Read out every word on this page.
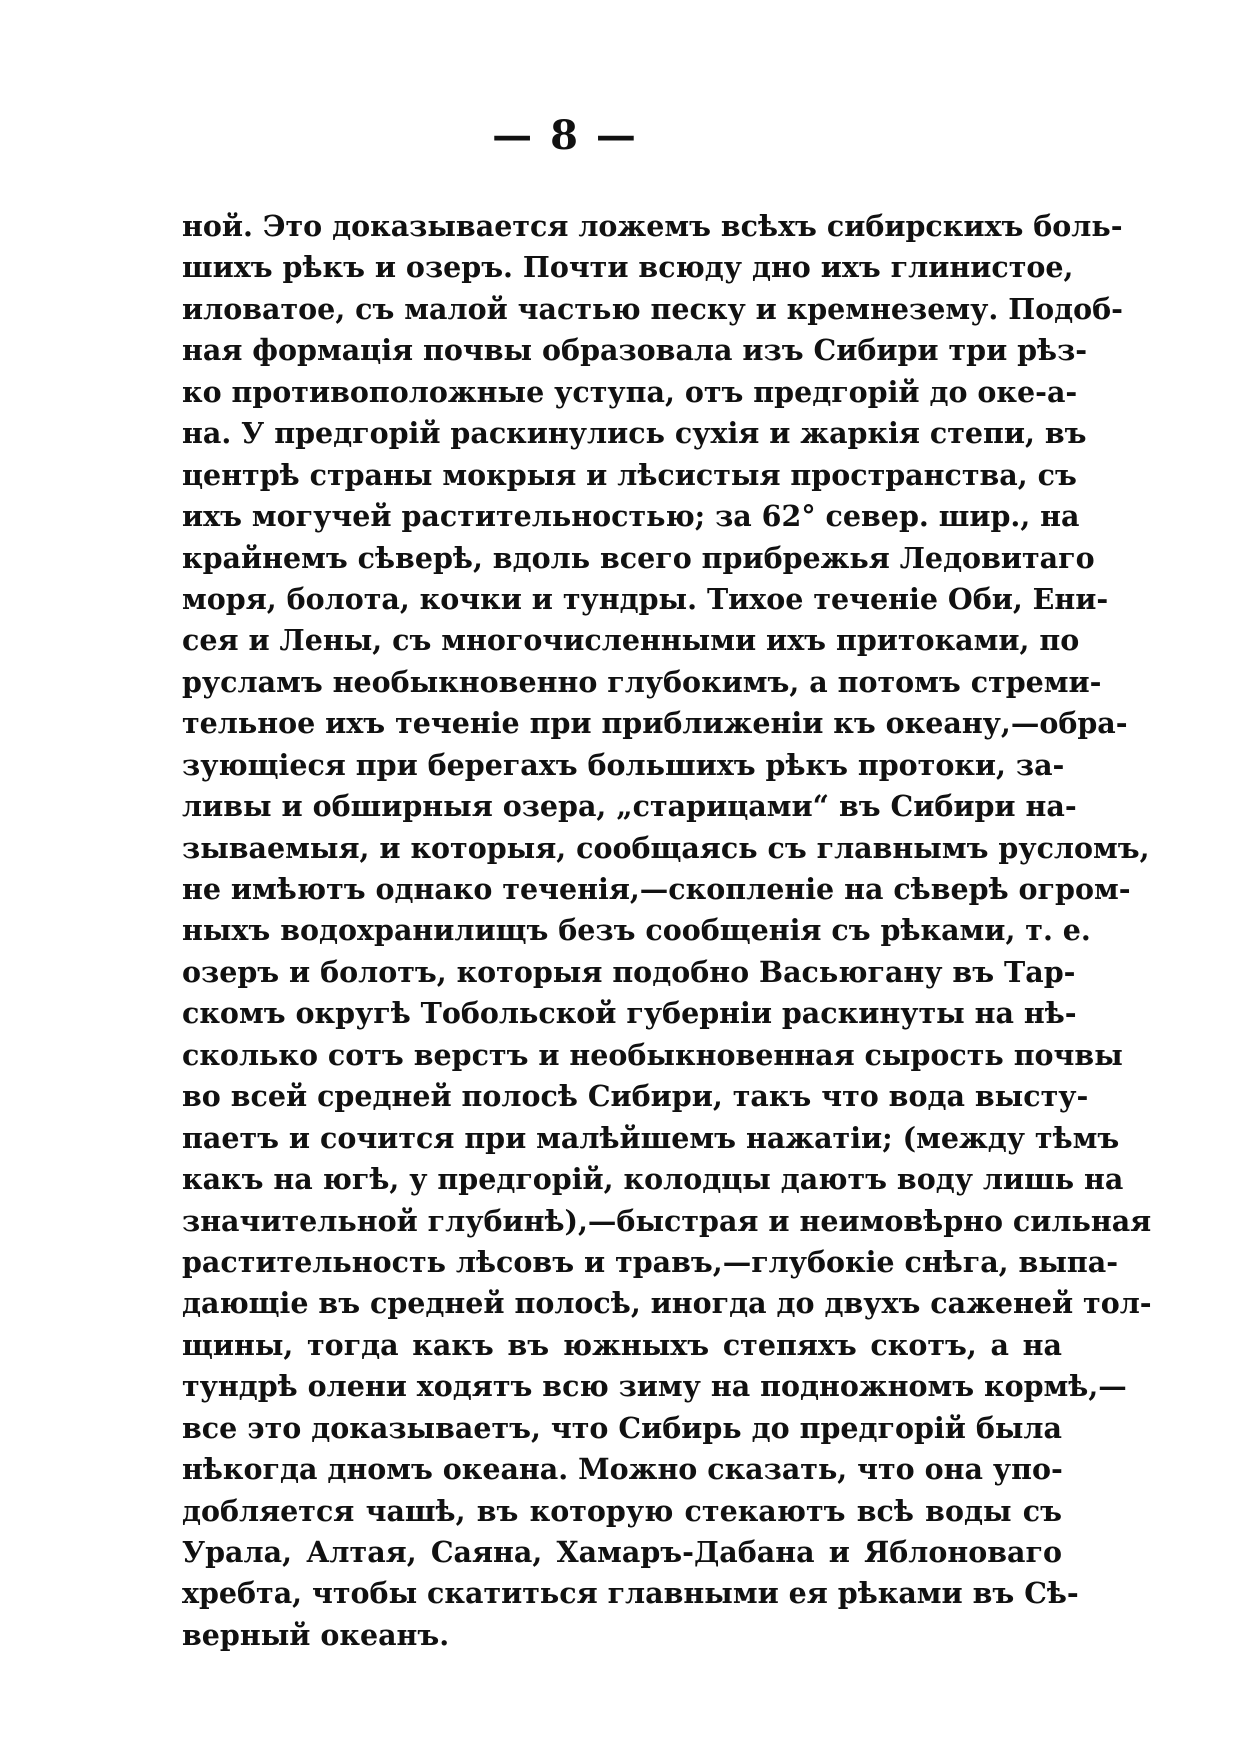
— 8 —
ной. Это доказывается ложемъ всѣхъ сибирскихъ боль-
шихъ рѣкъ и озеръ. Почти всюду дно ихъ глинистое,
иловатое, съ малой частью песку и кремнезему. Подоб-
ная формація почвы образовала изъ Сибири три рѣз-
ко противоположные уступа, отъ предгорій до оке-а-
на. У предгорій раскинулись сухія и жаркія степи, въ
центрѣ страны мокрыя и лѣсистыя пространства, съ
ихъ могучей растительностью; за 62° север. шир., на
крайнемъ сѣверѣ, вдоль всего прибрежья Ледовитаго
моря, болота, кочки и тундры. Тихое теченіе Оби, Ени-
сея и Лены, съ многочисленными ихъ притоками, по
русламъ необыкновенно глубокимъ, а потомъ стреми-
тельное ихъ теченіе при приближеніи къ океану,—обра-
зующіеся при берегахъ большихъ рѣкъ протоки, за-
ливы и обширныя озера, „старицами“ въ Сибири на-
зываемыя, и которыя, сообщаясь съ главнымъ русломъ,
не имѣютъ однако теченія,—скопленіе на сѣверѣ огром-
ныхъ водохранилищъ безъ сообщенія съ рѣками, т. е.
озеръ и болотъ, которыя подобно Васьюгану въ Тар-
скомъ округѣ Тобольской губерніи раскинуты на нѣ-
сколько сотъ верстъ и необыкновенная сырость почвы
во всей средней полосѣ Сибири, такъ что вода высту-
паетъ и сочится при малѣйшемъ нажатіи; (между тѣмъ
какъ на югѣ, у предгорій, колодцы даютъ воду лишь на
значительной глубинѣ),—быстрая и неимовѣрно сильная
растительность лѣсовъ и травъ,—глубокіе снѣга, выпа-
дающіе въ средней полосѣ, иногда до двухъ саженей тол-
щины, тогда какъ въ южныхъ степяхъ скотъ, а на
тундрѣ олени ходятъ всю зиму на подножномъ кормѣ,—
все это доказываетъ, что Сибирь до предгорій была
нѣкогда дномъ океана. Можно сказать, что она упо-
добляется чашѣ, въ которую стекаютъ всѣ воды съ
Урала, Алтая, Саяна, Хамаръ-Дабана и Яблоноваго
хребта, чтобы скатиться главными ея рѣками въ Сѣ-
верный океанъ.
